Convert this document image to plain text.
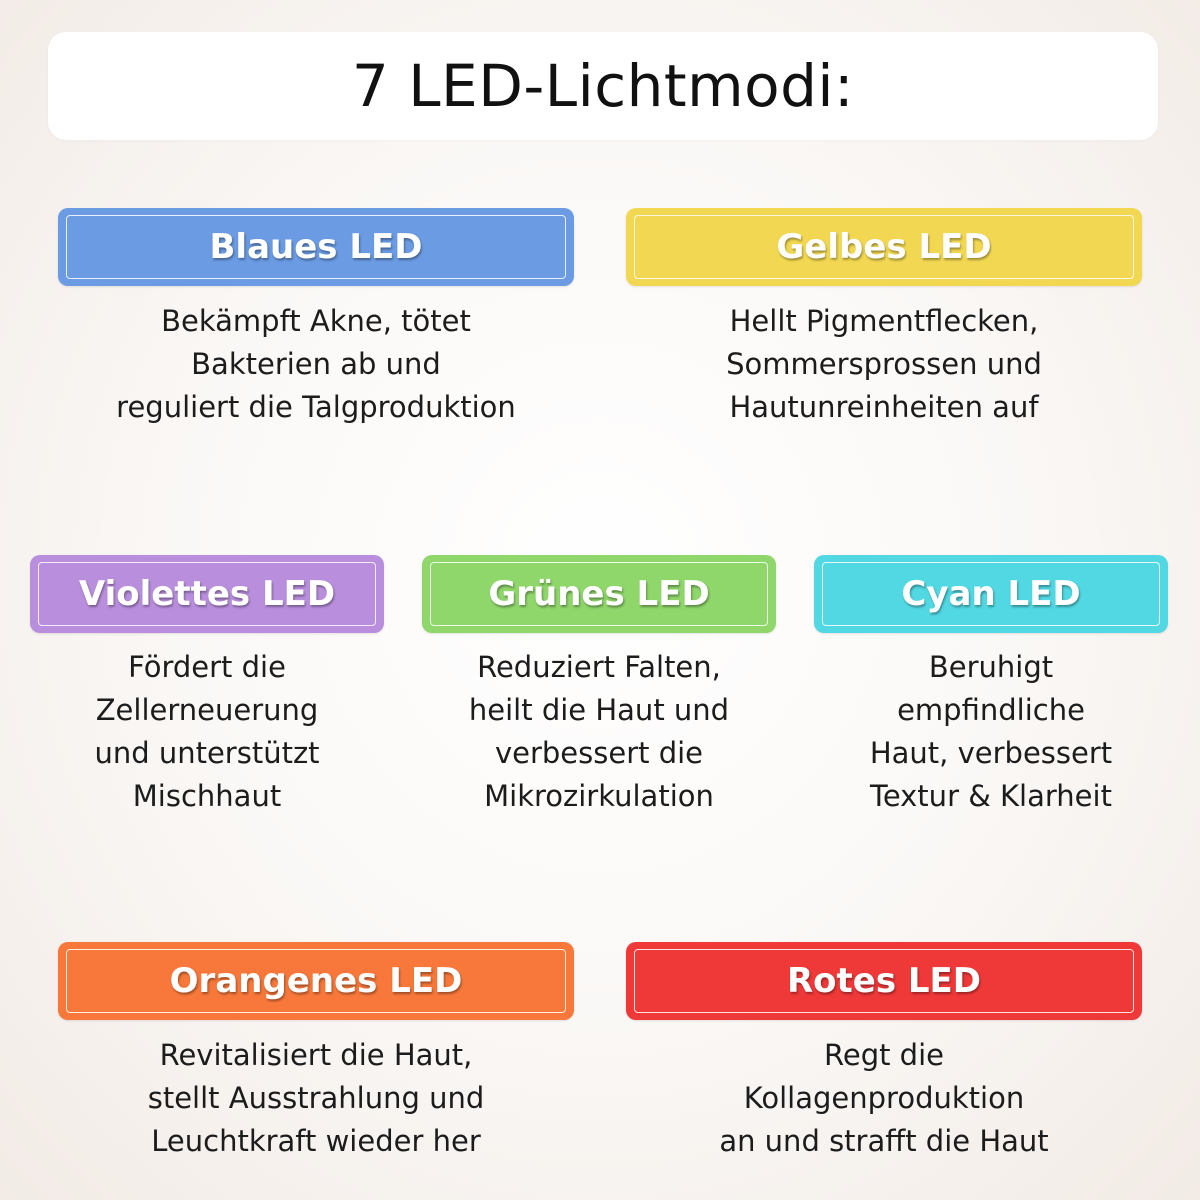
7 LED-Lichtmodi:
Blaues LED
Bekämpft Akne, tötet
Bakterien ab und
reguliert die Talgproduktion
Gelbes LED
Hellt Pigmentflecken,
Sommersprossen und
Hautunreinheiten auf
Violettes LED
Fördert die
Zellerneuerung
und unterstützt
Mischhaut
Grünes LED
Reduziert Falten,
heilt die Haut und
verbessert die
Mikrozirkulation
Cyan LED
Beruhigt
empfindliche
Haut, verbessert
Textur & Klarheit
Orangenes LED
Revitalisiert die Haut,
stellt Ausstrahlung und
Leuchtkraft wieder her
Rotes LED
Regt die
Kollagenproduktion
an und strafft die Haut
